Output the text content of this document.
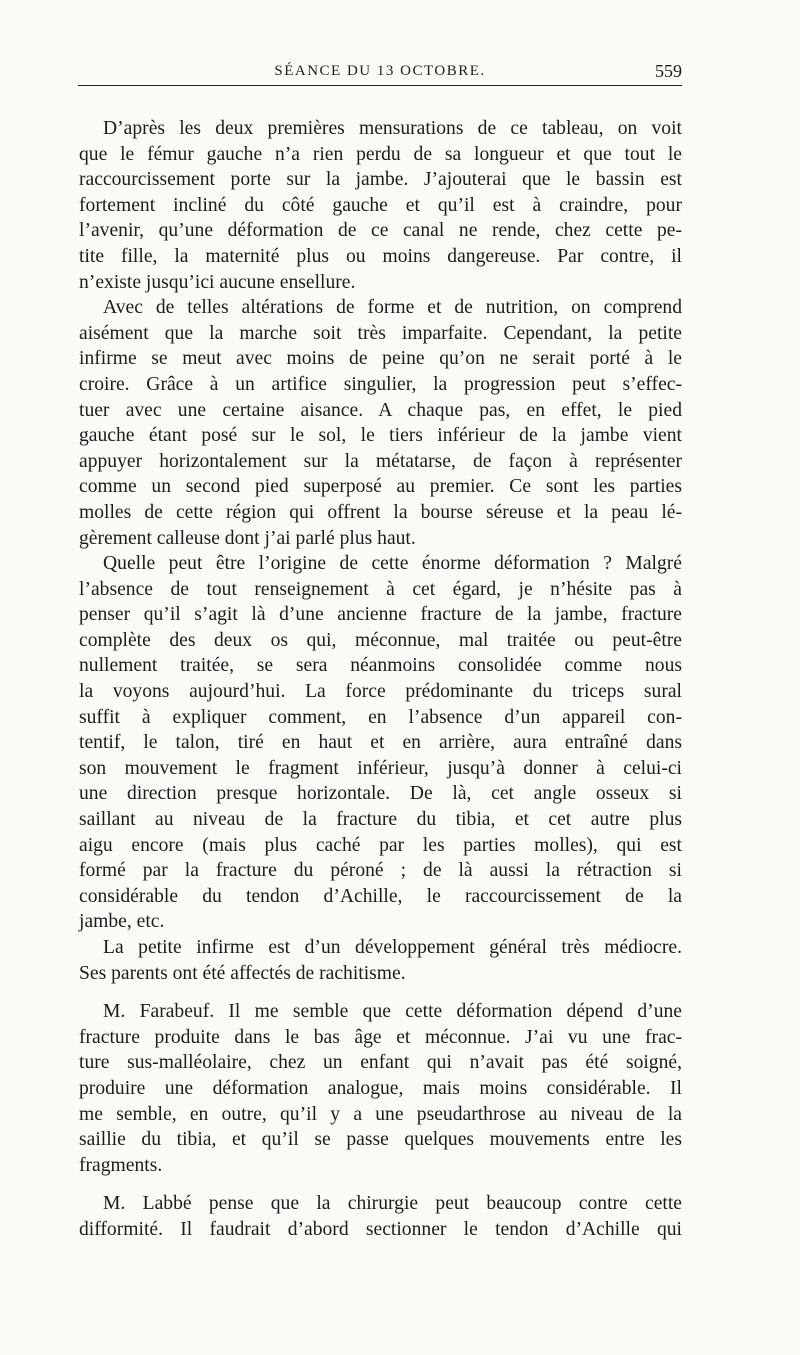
SÉANCE DU 13 OCTOBRE.	559
D’après les deux premières mensurations de ce tableau, on voit
que le fémur gauche n’a rien perdu de sa longueur et que tout le
raccourcissement porte sur la jambe. J’ajouterai que le bassin est
fortement incliné du côté gauche et qu’il est à craindre, pour
l’avenir, qu’une déformation de ce canal ne rende, chez cette pe-
tite fille, la maternité plus ou moins dangereuse. Par contre, il
n’existe jusqu’ici aucune ensellure.
Avec de telles altérations de forme et de nutrition, on comprend
aisément que la marche soit très imparfaite. Cependant, la petite
infirme se meut avec moins de peine qu’on ne serait porté à le
croire. Grâce à un artifice singulier, la progression peut s’effec-
tuer avec une certaine aisance. A chaque pas, en effet, le pied
gauche étant posé sur le sol, le tiers inférieur de la jambe vient
appuyer horizontalement sur la métatarse, de façon à représenter
comme un second pied superposé au premier. Ce sont les parties
molles de cette région qui offrent la bourse séreuse et la peau lé-
gèrement calleuse dont j’ai parlé plus haut.
Quelle peut être l’origine de cette énorme déformation ? Malgré
l’absence de tout renseignement à cet égard, je n’hésite pas à
penser qu’il s’agit là d’une ancienne fracture de la jambe, fracture
complète des deux os qui, méconnue, mal traitée ou peut-être
nullement traitée, se sera néanmoins consolidée comme nous
la voyons aujourd’hui. La force prédominante du triceps sural
suffit à expliquer comment, en l’absence d’un appareil con-
tentif, le talon, tiré en haut et en arrière, aura entraîné dans
son mouvement le fragment inférieur, jusqu’à donner à celui-ci
une direction presque horizontale. De là, cet angle osseux si
saillant au niveau de la fracture du tibia, et cet autre plus
aigu encore (mais plus caché par les parties molles), qui est
formé par la fracture du péroné ; de là aussi la rétraction si
considérable du tendon d’Achille, le raccourcissement de la
jambe, etc.
La petite infirme est d’un développement général très médiocre.
Ses parents ont été affectés de rachitisme.
M. Farabeuf. Il me semble que cette déformation dépend d’une
fracture produite dans le bas âge et méconnue. J’ai vu une frac-
ture sus-malléolaire, chez un enfant qui n’avait pas été soigné,
produire une déformation analogue, mais moins considérable. Il
me semble, en outre, qu’il y a une pseudarthrose au niveau de la
saillie du tibia, et qu’il se passe quelques mouvements entre les
fragments.
M. Labbé pense que la chirurgie peut beaucoup contre cette
difformité. Il faudrait d’abord sectionner le tendon d’Achille qui
